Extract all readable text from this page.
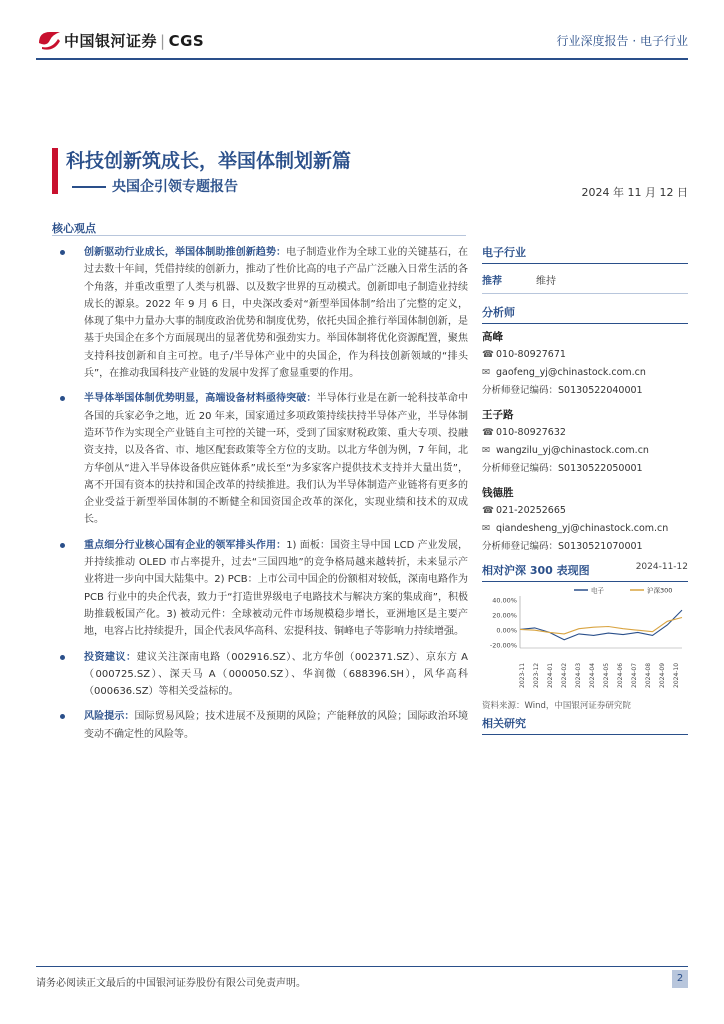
中国银河证券 | CGS	行业深度报告 · 电子行业
科技创新筑成长，举国体制划新篇
央国企引领专题报告	2024 年 11 月 12 日
核心观点
创新驱动行业成长，举国体制助推创新趋势：电子制造业作为全球工业的关键基石，在过去数十年间，凭借持续的创新力，推动了性价比高的电子产品广泛融入日常生活的各个角落，并重改重塑了人类与机器、以及数字世界的互动模式。创新即电子制造业持续成长的源泉。2022 年 9 月 6 日，中央深改委对“新型举国体制”给出了完整的定义，体现了集中力量办大事的制度政治优势和制度优势，依托央国企推行举国体制创新，是基于央国企在多个方面展现出的显著优势和强劲实力。举国体制将优化资源配置，聚焦支持科技创新和自主可控。电子/半导体产业中的央国企，作为科技创新领域的“排头兵”，在推动我国科技产业链的发展中发挥了愈显重要的作用。
半导体举国体制优势明显，高端设备材料亟待突破：半导体行业是在新一轮科技革命中各国的兵家必争之地，近 20 年来，国家通过多项政策持续扶持半导体产业，半导体制造环节作为实现全产业链自主可控的关键一环，受到了国家财税政策、重大专项、投融资支持，以及各省、市、地区配套政策等全方位的支助。以北方华创为例，7 年间，北方华创从“进入半导体设备供应链体系”成长至“为多家客户提供技术支持并大量出货”，离不开国有资本的扶持和国企改革的持续推进。我们认为半导体制造产业链将有更多的企业受益于新型举国体制的不断健全和国资国企改革的深化，实现业绩和技术的双成长。
重点细分行业核心国有企业的领军排头作用：1) 面板：国资主导中国 LCD 产业发展，并持续推动 OLED 市占率提升，过去“三国四地”的竞争格局越来越转折，未来显示产业将进一步向中国大陆集中。2) PCB：上市公司中国企的份额相对较低，深南电路作为 PCB 行业中的央企代表，致力于“打造世界级电子电路技术与解决方案的集成商”，积极助推载板国产化。3) 被动元件：全球被动元件市场规模稳步增长，亚洲地区是主要产地，电容占比持续提升，国企代表风华高科、宏提科技、铜峰电子等影响力持续增强。
投资建议：建议关注深南电路（002916.SZ）、北方华创（002371.SZ）、京东方 A（000725.SZ）、深天马 A（000050.SZ）、华润微（688396.SH），风华高科（000636.SZ）等相关受益标的。
风险提示：国际贸易风险；技术进展不及预期的风险；产能释放的风险；国际政治环境变动不确定性的风险等。
电子行业
推荐	维持
分析师
高峰
☎ 010-80927671
✉ gaofeng_yj@chinastock.com.cn
分析师登记编码：S0130522040001
王子路
☎ 010-80927632
✉ wangzilu_yj@chinastock.com.cn
分析师登记编码：S0130522050001
钱德胜
☎ 021-20252665
✉ qiandesheng_yj@chinastock.com.cn
分析师登记编码：S0130521070001
相对沪深 300 表现图	2024-11-12
40.00%
20.00%
0.00%
-20.00%
2023-11 2023-12 2024-01 2024-02 2024-03 2024-04 2024-05 2024-06 2024-07 2024-08 2024-09 2024-10
电子	沪深300
资料来源：Wind，中国银河证券研究院
相关研究
请务必阅读正文最后的中国银河证券股份有限公司免责声明。	2
